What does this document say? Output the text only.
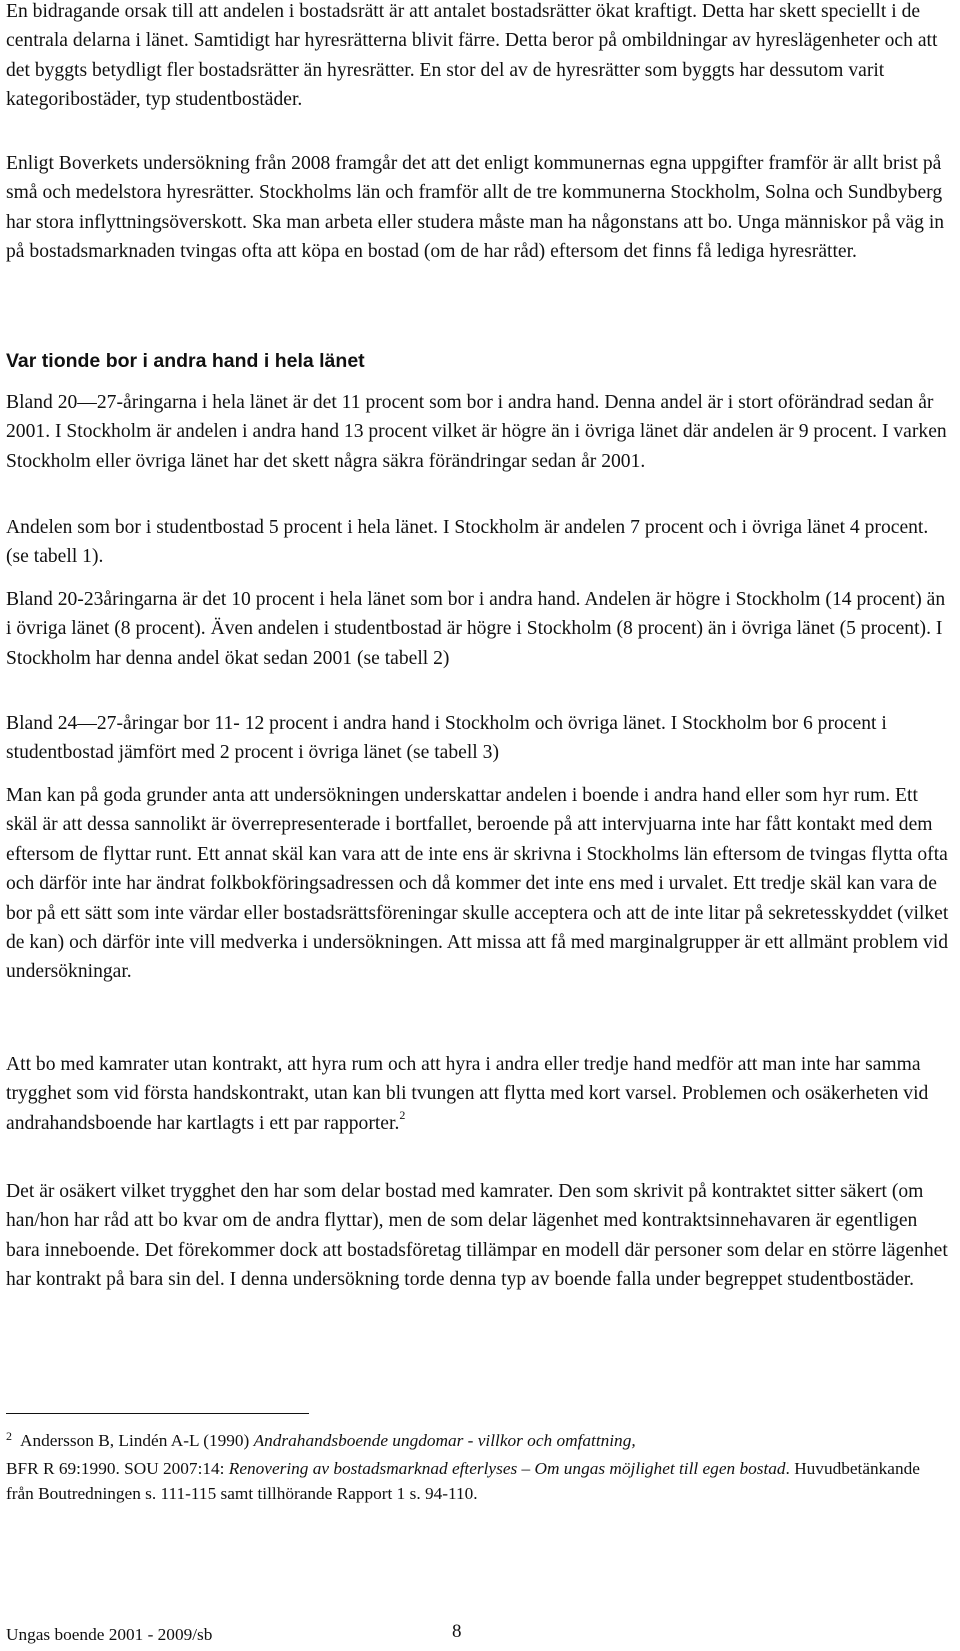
En bidragande orsak till att andelen i bostadsrätt är att antalet bostadsrätter ökat kraftigt. Detta har skett speciellt i de centrala delarna i länet. Samtidigt har hyresrätterna blivit färre. Detta beror på ombildningar av hyreslägenheter och att det byggts betydligt fler bostadsrätter än hyresrätter. En stor del av de hyresrätter som byggts har dessutom varit kategoribostäder, typ studentbostäder.

Enligt Boverkets undersökning från 2008 framgår det att det enligt kommunernas egna uppgifter framför är allt brist på små och medelstora hyresrätter. Stockholms län och framför allt de tre kommunerna Stockholm, Solna och Sundbyberg har stora inflyttningsöverskott. Ska man arbeta eller studera måste man ha någonstans att bo. Unga människor på väg in på bostadsmarknaden tvingas ofta att köpa en bostad (om de har råd) eftersom det finns få lediga hyresrätter.

Var tionde bor i andra hand i hela länet

Bland 20—27-åringarna i hela länet är det 11 procent som bor i andra hand. Denna andel är i stort oförändrad sedan år 2001. I Stockholm är andelen i andra hand 13 procent vilket är högre än i övriga länet där andelen är 9 procent. I varken Stockholm eller övriga länet har det skett några säkra förändringar sedan år 2001.

Andelen som bor i studentbostad 5 procent i hela länet. I Stockholm är andelen 7 procent och i övriga länet 4 procent. (se tabell 1).

Bland 20-23åringarna är det 10 procent i hela länet som bor i andra hand. Andelen är högre i Stockholm (14 procent) än i övriga länet (8 procent). Även andelen i studentbostad är högre i Stockholm (8 procent) än i övriga länet (5 procent). I Stockholm har denna andel ökat sedan 2001 (se tabell 2)

Bland 24—27-åringar bor 11- 12 procent i andra hand i Stockholm och övriga länet. I Stockholm bor 6 procent i studentbostad jämfört med 2 procent i övriga länet (se tabell 3)

Man kan på goda grunder anta att undersökningen underskattar andelen i boende i andra hand eller som hyr rum. Ett skäl är att dessa sannolikt är överrepresenterade i bortfallet, beroende på att intervjuarna inte har fått kontakt med dem eftersom de flyttar runt. Ett annat skäl kan vara att de inte ens är skrivna i Stockholms län eftersom de tvingas flytta ofta och därför inte har ändrat folkbokföringsadressen och då kommer det inte ens med i urvalet. Ett tredje skäl kan vara de bor på ett sätt som inte värdar eller bostadsrättsföreningar skulle acceptera och att de inte litar på sekretesskyddet (vilket de kan) och därför inte vill medverka i undersökningen. Att missa att få med marginalgrupper är ett allmänt problem vid undersökningar.

Att bo med kamrater utan kontrakt, att hyra rum och att hyra i andra eller tredje hand medför att man inte har samma trygghet som vid första handskontrakt, utan kan bli tvungen att flytta med kort varsel. Problemen och osäkerheten vid andrahandsboende har kartlagts i ett par rapporter.$^2$

Det är osäkert vilket trygghet den har som delar bostad med kamrater. Den som skrivit på kontraktet sitter säkert (om han/hon har råd att bo kvar om de andra flyttar), men de som delar lägenhet med kontraktsinnehavaren är egentligen bara inneboende. Det förekommer dock att bostadsföretag tillämpar en modell där personer som delar en större lägenhet har kontrakt på bara sin del. I denna undersökning torde denna typ av boende falla under begreppet studentbostäder.

$^2$ Andersson B, Lindén A-L (1990) Andrahandsboende ungdomar - villkor och omfattning,
BFR R 69:1990. SOU 2007:14: Renovering av bostadsmarknad efterlyses – Om ungas möjlighet till egen bostad. Huvudbetänkande från Boutredningen s. 111-115 samt tillhörande Rapport 1 s. 94-110.

Ungas boende 2001 - 2009/sb	8
